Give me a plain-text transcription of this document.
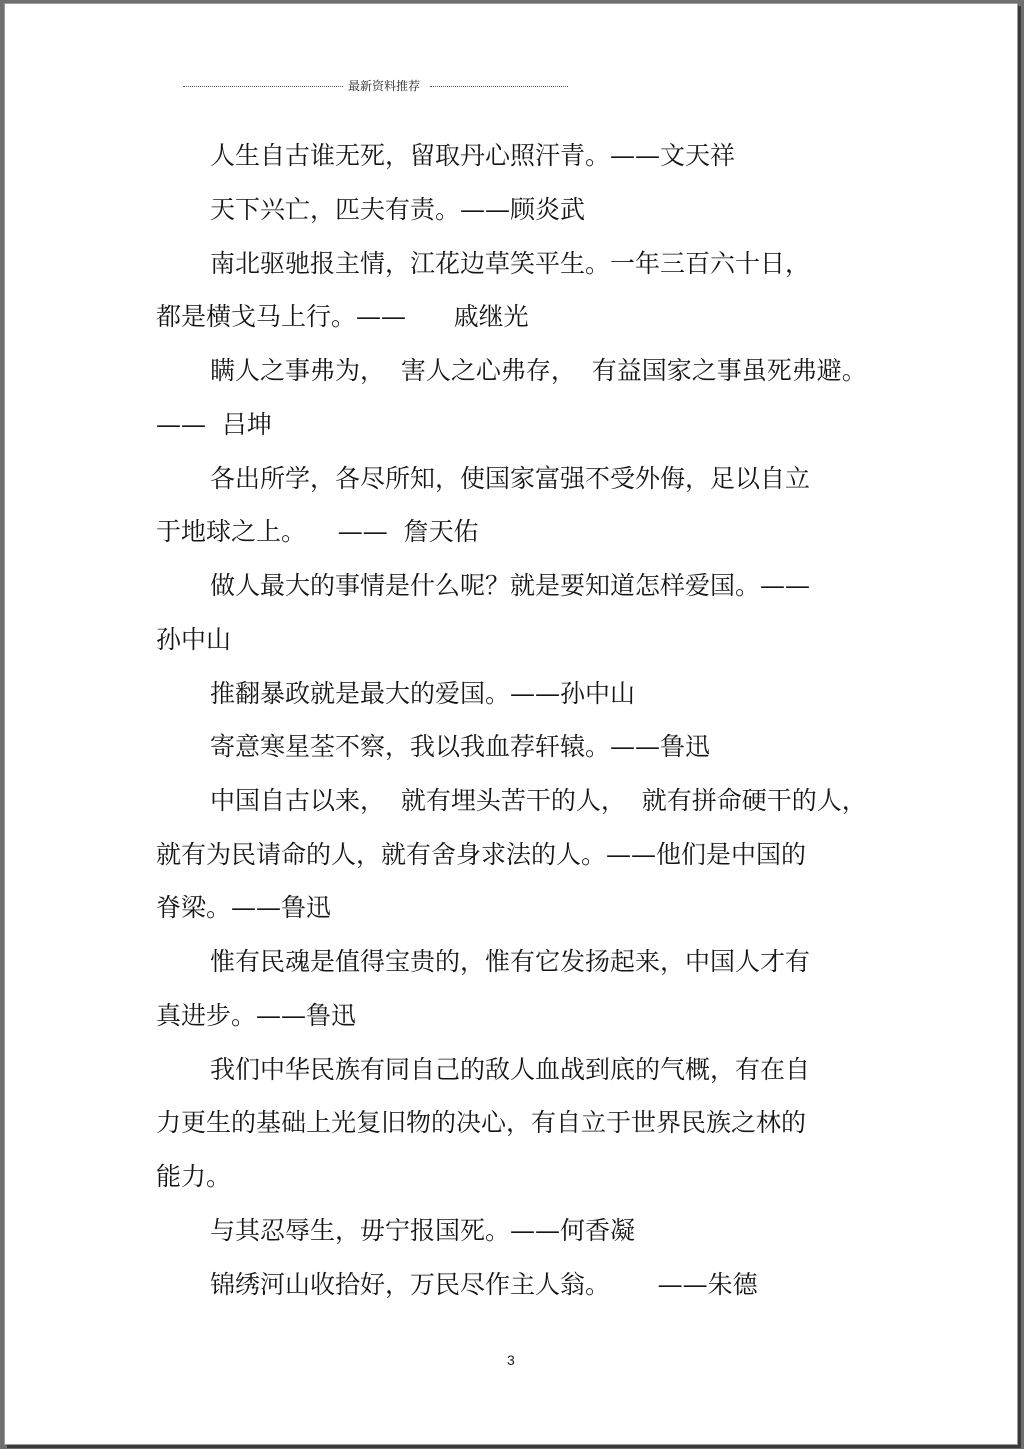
最新资料推荐
人生自古谁无死，留取丹心照汗青。——文天祥
天下兴亡，匹夫有责。——顾炎武
南北驱驰报主情，江花边草笑平生。一年三百六十日，
都是横戈马上行。——      戚继光
瞒人之事弗为，  害人之心弗存，  有益国家之事虽死弗避。
——  吕坤
各出所学，各尽所知，使国家富强不受外侮，足以自立
于地球之上。    ——  詹天佑
做人最大的事情是什么呢？就是要知道怎样爱国。——
孙中山
推翻暴政就是最大的爱国。——孙中山
寄意寒星荃不察，我以我血荐轩辕。——鲁迅
中国自古以来，  就有埋头苦干的人，  就有拼命硬干的人，
就有为民请命的人，就有舍身求法的人。——他们是中国的
脊梁。——鲁迅
惟有民魂是值得宝贵的，惟有它发扬起来，中国人才有
真进步。——鲁迅
我们中华民族有同自己的敌人血战到底的气概，有在自
力更生的基础上光复旧物的决心，有自立于世界民族之林的
能力。
与其忍辱生，毋宁报国死。——何香凝
锦绣河山收拾好，万民尽作主人翁。      ——朱德
3
